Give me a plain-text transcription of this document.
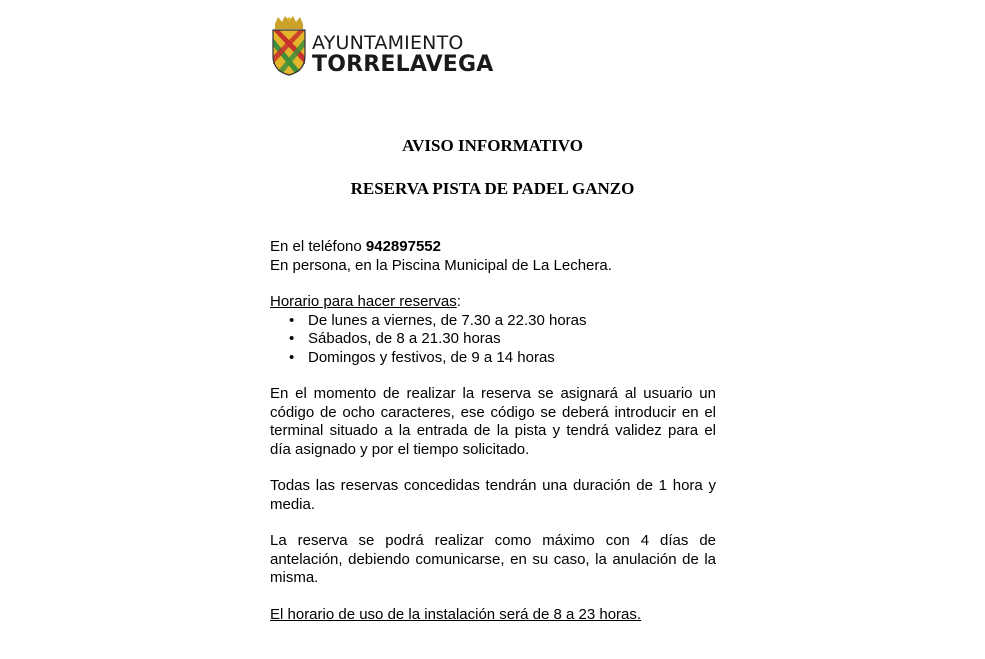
AYUNTAMIENTO
TORRELAVEGA
AVISO INFORMATIVO
RESERVA PISTA DE PADEL GANZO

En el teléfono 942897552

En persona, en la Piscina Municipal de La Lechera.

Horario para hacer reservas:

• De lunes a viernes, de 7.30 a 22.30 horas
• Sábados, de 8 a 21.30 horas
• Domingos y festivos, de 9 a 14 horas

En el momento de realizar la reserva se asignará al usuario un código de ocho caracteres, ese código se deberá introducir en el terminal situado a la entrada de la pista y tendrá validez para el día asignado y por el tiempo solicitado.

Todas las reservas concedidas tendrán una duración de 1 hora y media.

La reserva se podrá realizar como máximo con 4 días de antelación, debiendo comunicarse, en su caso, la anulación de la misma.

El horario de uso de la instalación será de 8 a 23 horas.
